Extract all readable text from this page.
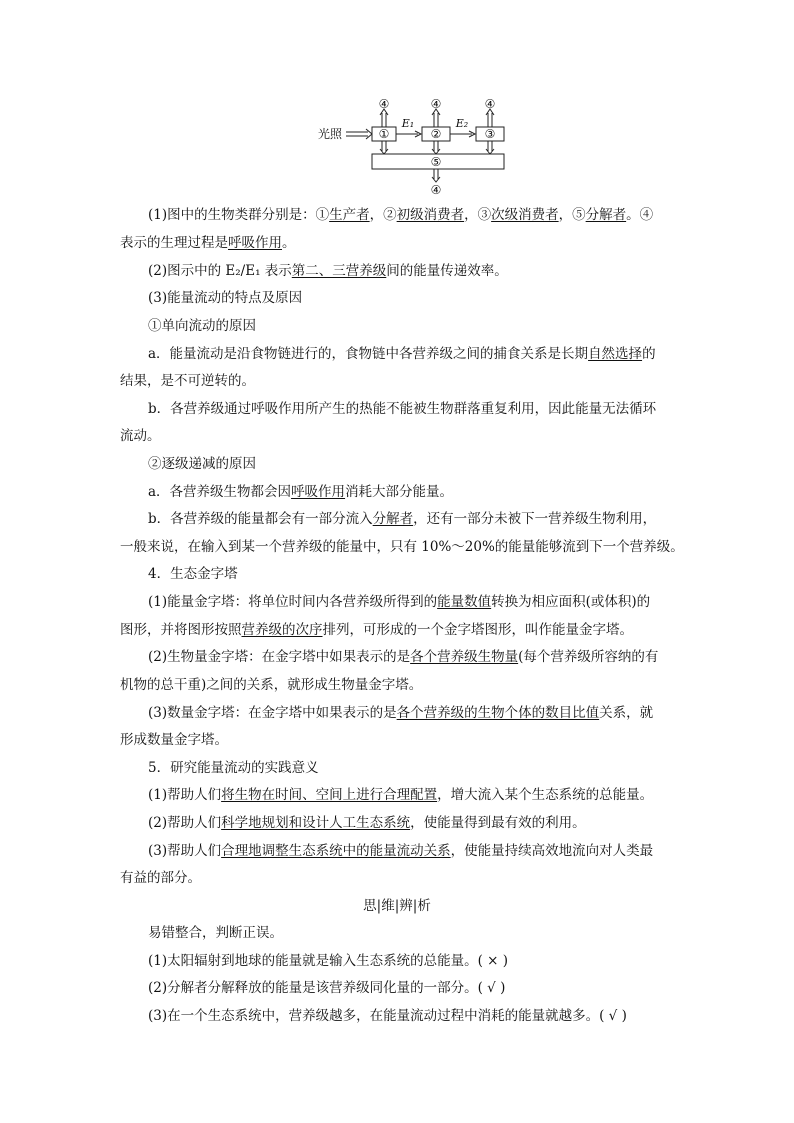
④	④	④
①	②	③
⑤
④
E₁	E₂
光照
(1)图中的生物类群分别是：①生产者，②初级消费者，③次级消费者，⑤分解者。④
表示的生理过程是呼吸作用。
(2)图示中的 E₂/E₁ 表示第二、三营养级间的能量传递效率。
(3)能量流动的特点及原因
①单向流动的原因
a．能量流动是沿食物链进行的，食物链中各营养级之间的捕食关系是长期自然选择的
结果，是不可逆转的。
b．各营养级通过呼吸作用所产生的热能不能被生物群落重复利用，因此能量无法循环
流动。
②逐级递减的原因
a．各营养级生物都会因呼吸作用消耗大部分能量。
b．各营养级的能量都会有一部分流入分解者，还有一部分未被下一营养级生物利用，
一般来说，在输入到某一个营养级的能量中，只有 10%～20%的能量能够流到下一个营养级。
4．生态金字塔
(1)能量金字塔：将单位时间内各营养级所得到的能量数值转换为相应面积(或体积)的
图形，并将图形按照营养级的次序排列，可形成的一个金字塔图形，叫作能量金字塔。
(2)生物量金字塔：在金字塔中如果表示的是各个营养级生物量(每个营养级所容纳的有
机物的总干重)之间的关系，就形成生物量金字塔。
(3)数量金字塔：在金字塔中如果表示的是各个营养级的生物个体的数目比值关系，就
形成数量金字塔。
5．研究能量流动的实践意义
(1)帮助人们将生物在时间、空间上进行合理配置，增大流入某个生态系统的总能量。
(2)帮助人们科学地规划和设计人工生态系统，使能量得到最有效的利用。
(3)帮助人们合理地调整生态系统中的能量流动关系，使能量持续高效地流向对人类最
有益的部分。
思|维|辨|析
易错整合，判断正误。
(1)太阳辐射到地球的能量就是输入生态系统的总能量。( × )
(2)分解者分解释放的能量是该营养级同化量的一部分。( √ )
(3)在一个生态系统中，营养级越多，在能量流动过程中消耗的能量就越多。( √ )
